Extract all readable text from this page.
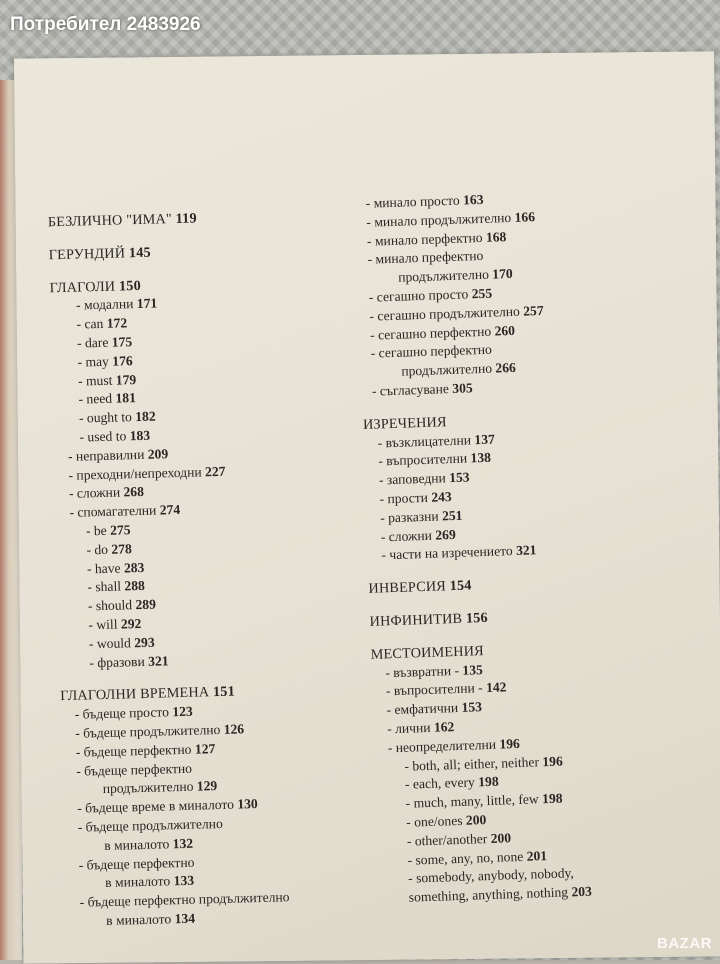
БЕЗЛИЧНО "ИМА" 119
ГЕРУНДИЙ 145
ГЛАГОЛИ 150
- модални 171
- can 172
- dare 175
- may 176
- must 179
- need 181
- ought to 182
- used to 183
- неправилни 209
- преходни/непреходни 227
- сложни 268
- спомагателни 274
- be 275
- do 278
- have 283
- shall 288
- should 289
- will 292
- would 293
- фразови 321
ГЛАГОЛНИ ВРЕМЕНА 151
- бъдеще просто 123
- бъдеще продължително 126
- бъдеще перфектно 127
- бъдеще перфектно
продължително 129
- бъдеще време в миналото 130
- бъдеще продължително
в миналото 132
- бъдеще перфектно
в миналото 133
- бъдеще перфектно продължително
в миналото 134
- минало просто 163
- минало продължително 166
- минало перфектно 168
- минало префектно
продължително 170
- сегашно просто 255
- сегашно продължително 257
- сегашно перфектно 260
- сегашно перфектно
продължително 266
- съгласуване 305
ИЗРЕЧЕНИЯ
- възклицателни 137
- въпросителни 138
- заповедни 153
- прости 243
- разказни 251
- сложни 269
- части на изречението 321
ИНВЕРСИЯ 154
ИНФИНИТИВ 156
МЕСТОИМЕНИЯ
- възвратни - 135
- въпросителни - 142
- емфатични 153
- лични 162
- неопределителни 196
- both, all; either, neither 196
- each, every 198
- much, many, little, few 198
- one/ones 200
- other/another 200
- some, any, no, none 201
- somebody, anybody, nobody,
something, anything, nothing 203
Потребител 2483926
BAZAR
